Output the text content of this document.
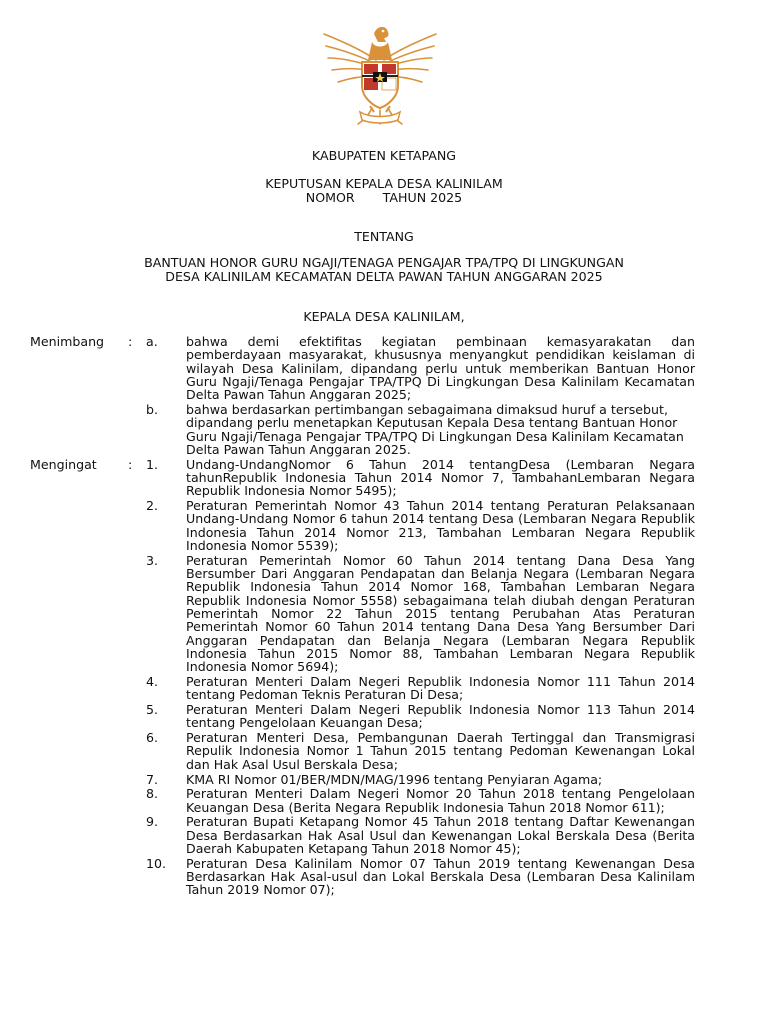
KABUPATEN KETAPANG
KEPUTUSAN KEPALA DESA KALINILAM
NOMOR       TAHUN 2025
TENTANG
BANTUAN HONOR GURU NGAJI/TENAGA PENGAJAR TPA/TPQ DI LINGKUNGAN
DESA KALINILAM KECAMATAN DELTA PAWAN TAHUN ANGGARAN 2025
KEPALA DESA KALINILAM,
Menimbang : a.	bahwa demi efektifitas kegiatan pembinaan kemasyarakatan dan pemberdayaan masyarakat, khususnya menyangkut pendidikan keislaman di wilayah Desa Kalinilam, dipandang perlu untuk memberikan Bantuan Honor Guru Ngaji/Tenaga Pengajar TPA/TPQ Di Lingkungan Desa Kalinilam Kecamatan Delta Pawan Tahun Anggaran 2025;
b.	bahwa berdasarkan pertimbangan sebagaimana dimaksud huruf a tersebut, dipandang perlu menetapkan Keputusan Kepala Desa tentang Bantuan Honor Guru Ngaji/Tenaga Pengajar TPA/TPQ Di Lingkungan Desa Kalinilam Kecamatan Delta Pawan Tahun Anggaran 2025.
Mengingat : 1.	Undang-UndangNomor 6 Tahun 2014 tentangDesa (Lembaran Negara tahunRepublik Indonesia Tahun 2014 Nomor 7, TambahanLembaran Negara Republik Indonesia Nomor 5495);
2.	Peraturan Pemerintah Nomor 43 Tahun 2014 tentang Peraturan Pelaksanaan Undang-Undang Nomor 6 tahun 2014 tentang Desa (Lembaran Negara Republik Indonesia Tahun 2014 Nomor 213, Tambahan Lembaran Negara Republik Indonesia Nomor 5539);
3.	Peraturan Pemerintah Nomor 60 Tahun 2014 tentang Dana Desa Yang Bersumber Dari Anggaran Pendapatan dan Belanja Negara (Lembaran Negara Republik Indonesia Tahun 2014 Nomor 168, Tambahan Lembaran Negara Republik Indonesia Nomor 5558) sebagaimana telah diubah dengan Peraturan Pemerintah Nomor 22 Tahun 2015 tentang Perubahan Atas Peraturan Pemerintah Nomor 60 Tahun 2014 tentang Dana Desa Yang Bersumber Dari Anggaran Pendapatan dan Belanja Negara (Lembaran Negara Republik Indonesia Tahun 2015 Nomor 88, Tambahan Lembaran Negara Republik Indonesia Nomor 5694);
4.	Peraturan Menteri Dalam Negeri Republik Indonesia Nomor 111 Tahun 2014 tentang Pedoman Teknis Peraturan Di Desa;
5.	Peraturan Menteri Dalam Negeri Republik Indonesia Nomor 113 Tahun 2014 tentang Pengelolaan Keuangan Desa;
6.	Peraturan Menteri Desa, Pembangunan Daerah Tertinggal dan Transmigrasi Repulik Indonesia Nomor 1 Tahun 2015 tentang Pedoman Kewenangan Lokal dan Hak Asal Usul Berskala Desa;
7.	KMA RI Nomor 01/BER/MDN/MAG/1996 tentang Penyiaran Agama;
8.	Peraturan Menteri Dalam Negeri Nomor 20 Tahun 2018 tentang Pengelolaan Keuangan Desa (Berita Negara Republik Indonesia Tahun 2018 Nomor 611);
9.	Peraturan Bupati Ketapang Nomor 45 Tahun 2018 tentang Daftar Kewenangan Desa Berdasarkan Hak Asal Usul dan Kewenangan Lokal Berskala Desa (Berita Daerah Kabupaten Ketapang Tahun 2018 Nomor 45);
10.	Peraturan Desa Kalinilam Nomor 07 Tahun 2019 tentang Kewenangan Desa Berdasarkan Hak Asal-usul dan Lokal Berskala Desa (Lembaran Desa Kalinilam Tahun 2019 Nomor 07);
